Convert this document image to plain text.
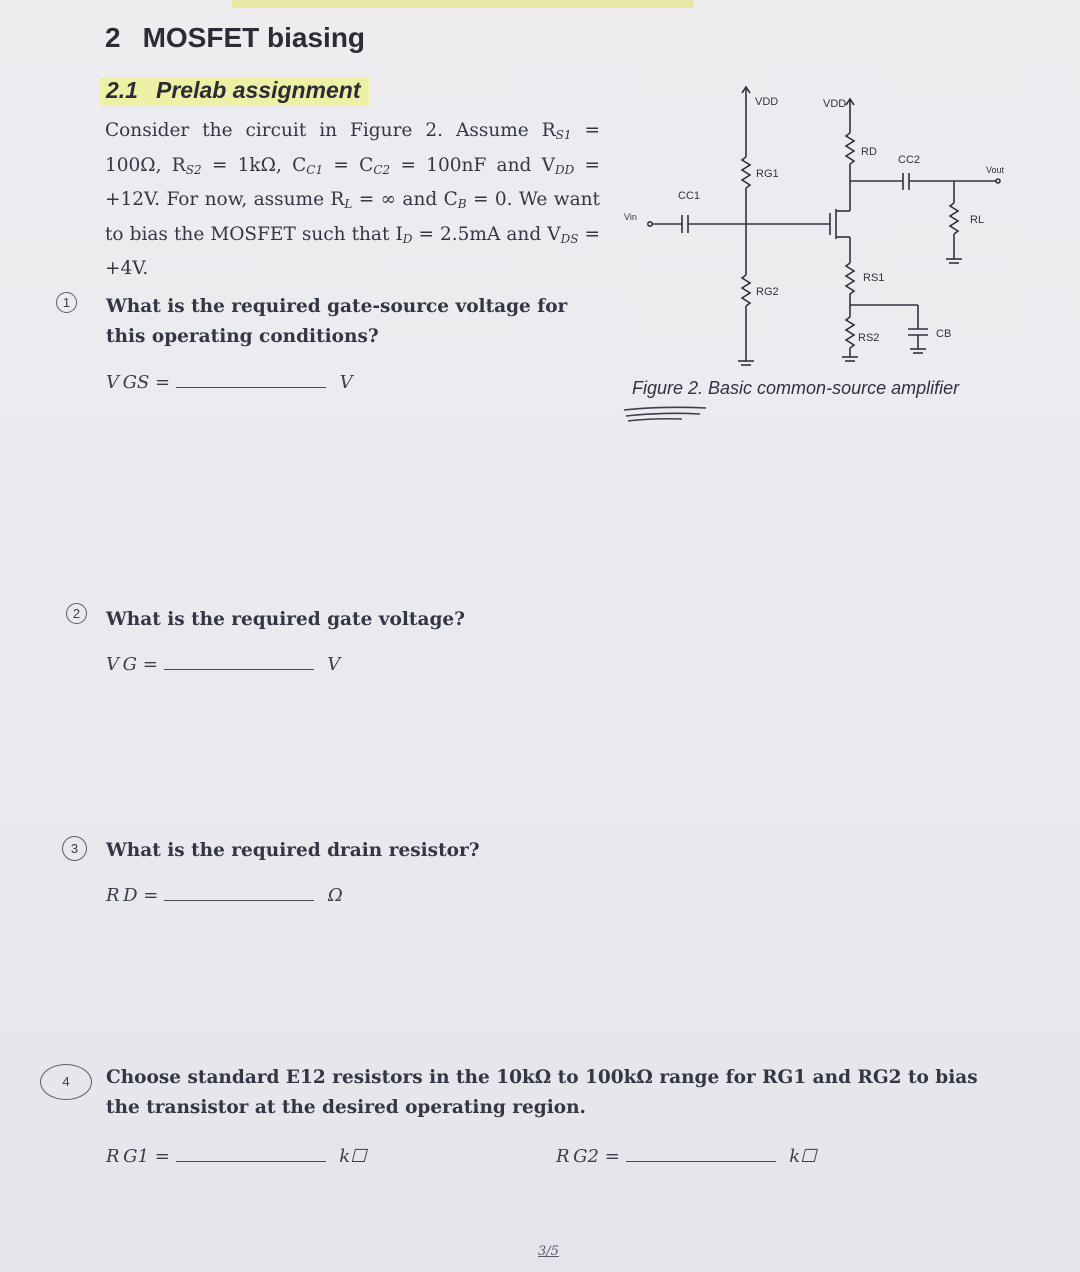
2 MOSFET biasing
2.1 Prelab assignment
Consider the circuit in Figure 2. Assume $R_{S1} = 100\Omega$, $R_{S2} = 1k\Omega$, $C_{C1} = C_{C2} = 100nF$ and $V_{DD} = +12V$. For now, assume $R_L$ = ∞ and $C_B = 0$. We want to bias the MOSFET such that $I_D = 2.5mA$ and $V_{DS} = +4V$.
1	What is the required gate-source voltage for this operating conditions?
V GS =	V
2	What is the required gate voltage?
V G =	V
3	What is the required drain resistor?
R D =	Ω
4	Choose standard E12 resistors in the 10kΩ to 100kΩ range for RG1 and RG2 to bias the transistor at the desired operating region.
R G1 =	k☐	R G2 =	k☐
VDD	VDD
RG1
RG2
RD
CC1
CC2
RS1
RS2	CB
RL
Vin
Vout
Figure 2. Basic common-source amplifier
3/5
